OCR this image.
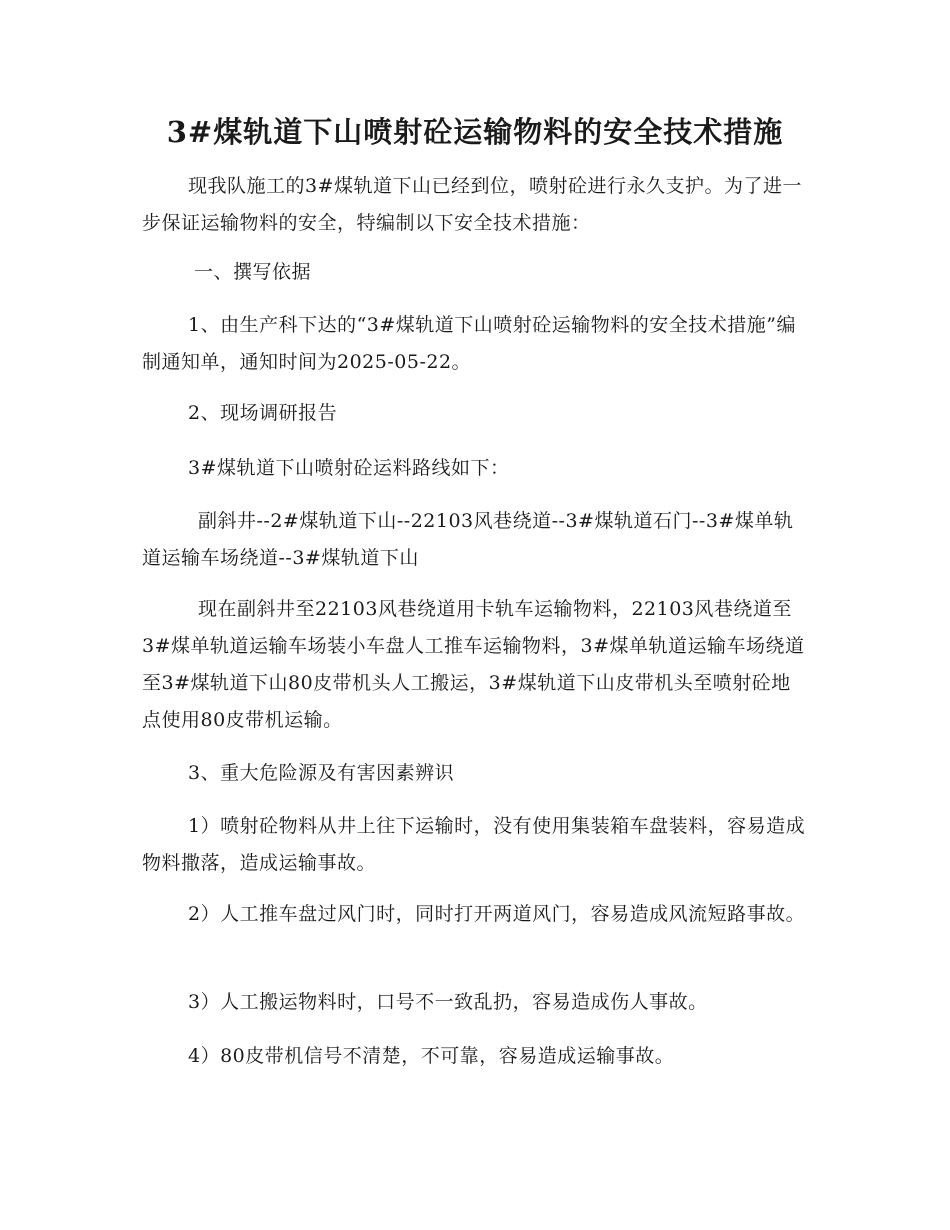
3#煤轨道下山喷射砼运输物料的安全技术措施
现我队施工的3#煤轨道下山已经到位，喷射砼进行永久支护。为了进一步保证运输物料的安全，特编制以下安全技术措施：
一、撰写依据
1、由生产科下达的“3#煤轨道下山喷射砼运输物料的安全技术措施”编制通知单，通知时间为2025-05-22。
2、现场调研报告
3#煤轨道下山喷射砼运料路线如下：
副斜井--2#煤轨道下山--22103风巷绕道--3#煤轨道石门--3#煤单轨道运输车场绕道--3#煤轨道下山
现在副斜井至22103风巷绕道用卡轨车运输物料，22103风巷绕道至3#煤单轨道运输车场装小车盘人工推车运输物料，3#煤单轨道运输车场绕道至3#煤轨道下山80皮带机头人工搬运，3#煤轨道下山皮带机头至喷射砼地点使用80皮带机运输。
3、重大危险源及有害因素辨识
1）喷射砼物料从井上往下运输时，没有使用集装箱车盘装料，容易造成物料撒落，造成运输事故。
2）人工推车盘过风门时，同时打开两道风门，容易造成风流短路事故。
3）人工搬运物料时，口号不一致乱扔，容易造成伤人事故。
4）80皮带机信号不清楚，不可靠，容易造成运输事故。
